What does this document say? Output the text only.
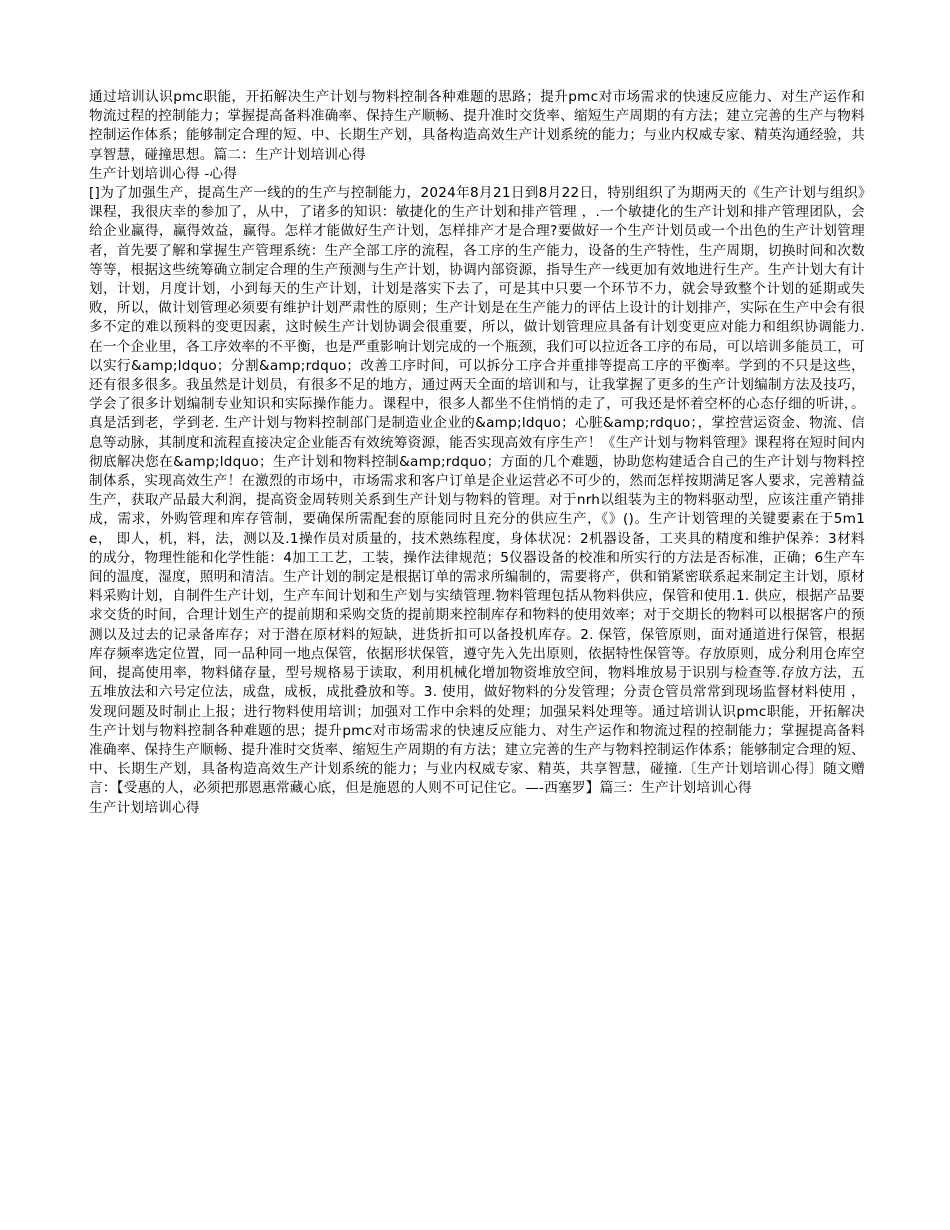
通过培训认识pmc职能，开拓解决生产计划与物料控制各种难题的思路；提升pmc对市场需求的快速反应能力、对生产运作和物流过程的控制能力；掌握提高备料准确率、保持生产顺畅、提升准时交货率、缩短生产周期的有方法；建立完善的生产与物料控制运作体系；能够制定合理的短、中、长期生产划，具备构造高效生产计划系统的能力；与业内权威专家、精英沟通经验，共享智慧，碰撞思想。篇二：生产计划培训心得

生产计划培训心得 -心得

[]为了加强生产，提高生产一线的的生产与控制能力，2024年8月21日到8月22日，特别组织了为期两天的《生产计划与组织》课程，我很庆幸的参加了，从中，了诸多的知识：敏捷化的生产计划和排产管理 ，.一个敏捷化的生产计划和排产管理团队，会给企业赢得，赢得效益，赢得。怎样才能做好生产计划，怎样排产才是合理?要做好一个生产计划员或一个出色的生产计划管理者，首先要了解和掌握生产管理系统：生产全部工序的流程，各工序的生产能力，设备的生产特性，生产周期，切换时间和次数等等，根据这些统筹确立制定合理的生产预测与生产计划，协调内部资源，指导生产一线更加有效地进行生产。生产计划大有计划，计划，月度计划，小到每天的生产计划，计划是落实下去了，可是其中只要一个环节不力，就会导致整个计划的延期或失败，所以，做计划管理必须要有维护计划严肃性的原则；生产计划是在生产能力的评估上设计的计划排产，实际在生产中会有很多不定的难以预料的变更因素，这时候生产计划协调会很重要，所以，做计划管理应具备有计划变更应对能力和组织协调能力.在一个企业里，各工序效率的不平衡，也是严重影响计划完成的一个瓶颈，我们可以拉近各工序的布局，可以培训多能员工，可以实行&amp;ldquo；分割&amp;rdquo；改善工序时间，可以拆分工序合并重排等提高工序的平衡率。学到的不只是这些，还有很多很多。我虽然是计划员，有很多不足的地方，通过两天全面的培训和与，让我掌握了更多的生产计划编制方法及技巧，学会了很多计划编制专业知识和实际操作能力。课程中，很多人都坐不住悄悄的走了，可我还是怀着空杯的心态仔细的听讲，。真是活到老，学到老. 生产计划与物料控制部门是制造业企业的&amp;ldquo；心脏&amp;rdquo；，掌控营运资金、物流、信息等动脉，其制度和流程直接决定企业能否有效统筹资源，能否实现高效有序生产！《生产计划与物料管理》课程将在短时间内彻底解决您在&amp;ldquo；生产计划和物料控制&amp;rdquo；方面的几个难题，协助您构建适合自己的生产计划与物料控制体系，实现高效生产！在激烈的市场中，市场需求和客户订单是企业运营必不可少的，然而怎样按期满足客人要求，完善精益生产，获取产品最大利润，提高资金周转则关系到生产计划与物料的管理。对于nrh以组装为主的物料驱动型，应该注重产销排成，需求，外购管理和库存管制，要确保所需配套的原能同时且充分的供应生产，《》()。生产计划管理的关键要素在于5m1e， 即人，机，料，法，测以及.1操作员对质量的，技术熟练程度，身体状况：2机器设备，工夹具的精度和维护保养：3材料的成分，物理性能和化学性能：4加工工艺，工装，操作法律规范；5仪器设备的校准和所实行的方法是否标准，正确；6生产车间的温度，湿度，照明和清洁。生产计划的制定是根据订单的需求所编制的，需要将产，供和销紧密联系起来制定主计划，原材料采购计划，自制件生产计划，生产车间计划和生产划与实绩管理.物料管理包括从物料供应，保管和使用.1. 供应，根据产品要求交货的时间，合理计划生产的提前期和采购交货的提前期来控制库存和物料的使用效率；对于交期长的物料可以根据客户的预测以及过去的记录备库存；对于潜在原材料的短缺，进货折扣可以备投机库存。2. 保管，保管原则，面对通道进行保管，根据库存频率选定位置，同一品种同一地点保管，依据形状保管，遵守先入先出原则，依据特性保管等。存放原则，成分利用仓库空间，提高使用率，物料储存量，型号规格易于读取，利用机械化增加物资堆放空间，物料堆放易于识别与检查等.存放方法，五五堆放法和六号定位法，成盘，成板，成批叠放和等。3. 使用，做好物料的分发管理；分责仓管员常常到现场监督材料使用 ，发现问题及时制止上报；进行物料使用培训；加强对工作中余料的处理；加强呆料处理等。通过培训认识pmc职能，开拓解决生产计划与物料控制各种难题的思；提升pmc对市场需求的快速反应能力、对生产运作和物流过程的控制能力；掌握提高备料准确率、保持生产顺畅、提升准时交货率、缩短生产周期的有方法；建立完善的生产与物料控制运作体系；能够制定合理的短、中、长期生产划，具备构造高效生产计划系统的能力；与业内权威专家、精英，共享智慧，碰撞.〔生产计划培训心得〕随文赠言：【受惠的人，必须把那恩惠常藏心底，但是施恩的人则不可记住它。—-西塞罗】篇三：生产计划培训心得

生产计划培训心得
